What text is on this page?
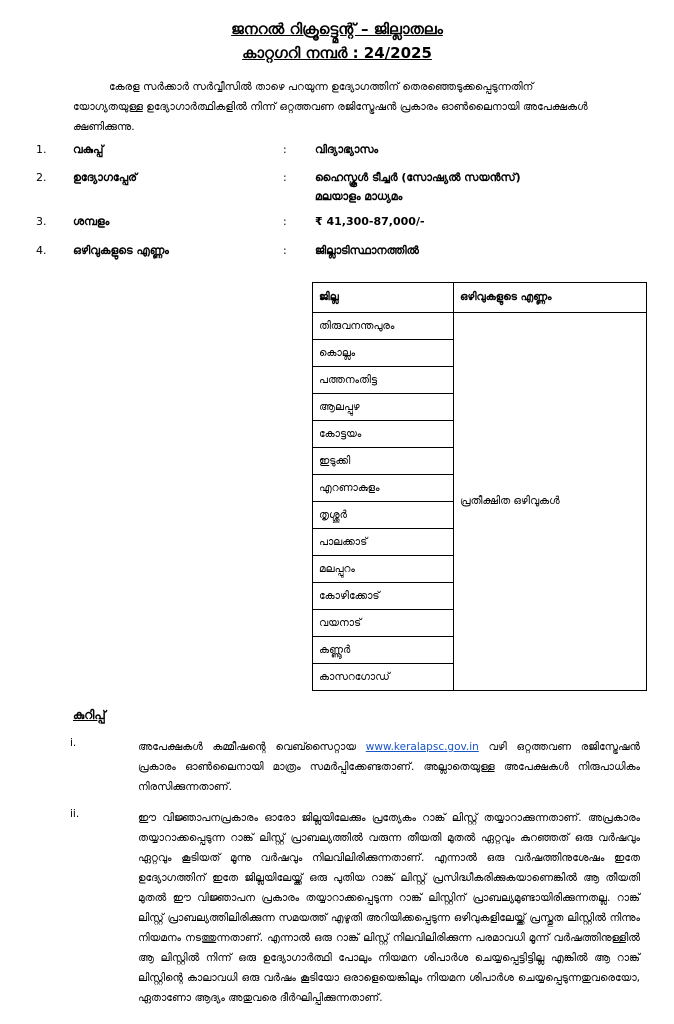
ജനറൽ റിക്രൂട്ട്മെന്റ് – ജില്ലാതലം
കാറ്റഗറി നമ്പർ : 24/2025
കേരള സർക്കാർ സർവ്വീസിൽ താഴെ പറയുന്ന ഉദ്യോഗത്തിന് തെരഞ്ഞെടുക്കപ്പെടുന്നതിന് യോഗ്യതയുള്ള ഉദ്യോഗാർത്ഥികളിൽ നിന്ന് ഒറ്റത്തവണ രജിസ്ട്രേഷൻ പ്രകാരം ഓൺലൈനായി അപേക്ഷകൾ ക്ഷണിക്കുന്നു.
1. വകുപ്പ്	:	വിദ്യാഭ്യാസം
2. ഉദ്യോഗപ്പേര്	:	ഹൈസ്കൂൾ ടീച്ചർ (സോഷ്യൽ സയൻസ്)
മലയാളം മാധ്യമം
3. ശമ്പളം	:	₹ 41,300-87,000/-
4. ഒഴിവുകളുടെ എണ്ണം	:	ജില്ലാടിസ്ഥാനത്തിൽ
ജില്ല	ഒഴിവുകളുടെ എണ്ണം
തിരുവനന്തപുരം	പ്രതീക്ഷിത ഒഴിവുകൾ
കൊല്ലം	
പത്തനംതിട്ട	
ആലപ്പുഴ	
കോട്ടയം	
ഇടുക്കി	
എറണാകുളം	
തൃശ്ശൂർ	
പാലക്കാട്	
മലപ്പുറം	
കോഴിക്കോട്	
വയനാട്	
കണ്ണൂർ	
കാസറഗോഡ്	
കുറിപ്പ്
i.	അപേക്ഷകൾ കമ്മീഷന്റെ വെബ്സൈറ്റായ www.keralapsc.gov.in വഴി ഒറ്റത്തവണ രജിസ്ട്രേഷൻ പ്രകാരം ഓൺലൈനായി മാത്രം സമർപ്പിക്കേണ്ടതാണ്. അല്ലാതെയുള്ള അപേക്ഷകൾ നിരുപാധികം നിരസിക്കുന്നതാണ്.
ii.	ഈ വിജ്ഞാപനപ്രകാരം ഓരോ ജില്ലയിലേക്കും പ്രത്യേകം റാങ്ക് ലിസ്റ്റ് തയ്യാറാക്കുന്നതാണ്. അപ്രകാരം തയ്യാറാക്കപ്പെടുന്ന റാങ്ക് ലിസ്റ്റ് പ്രാബല്യത്തിൽ വരുന്ന തീയതി മുതൽ ഏറ്റവും കുറഞ്ഞത് ഒരു വർഷവും ഏറ്റവും കൂടിയത് മൂന്നു വർഷവും നിലവിലിരിക്കുന്നതാണ്. എന്നാൽ ഒരു വർഷത്തിനുശേഷം ഇതേ ഉദ്യോഗത്തിന് ഇതേ ജില്ലയിലേയ്ക്ക് ഒരു പുതിയ റാങ്ക് ലിസ്റ്റ് പ്രസിദ്ധീകരിക്കുകയാണെങ്കിൽ ആ തീയതി മുതൽ ഈ വിജ്ഞാപന പ്രകാരം തയ്യാറാക്കപ്പെടുന്ന റാങ്ക് ലിസ്റ്റിന് പ്രാബല്യമുണ്ടായിരിക്കുന്നതല്ല. റാങ്ക് ലിസ്റ്റ് പ്രാബല്യത്തിലിരിക്കുന്ന സമയത്ത് എഴുതി അറിയിക്കപ്പെടുന്ന ഒഴിവുകളിലേയ്ക്ക് പ്രസ്തുത ലിസ്റ്റിൽ നിന്നും നിയമനം നടത്തുന്നതാണ്. എന്നാൽ ഒരു റാങ്ക് ലിസ്റ്റ് നിലവിലിരിക്കുന്ന പരമാവധി മൂന്ന് വർഷത്തിനുള്ളിൽ ആ ലിസ്റ്റിൽ നിന്ന് ഒരു ഉദ്യോഗാർത്ഥി പോലും നിയമന ശിപാർശ ചെയ്യപ്പെട്ടിട്ടില്ല എങ്കിൽ ആ റാങ്ക് ലിസ്റ്റിന്റെ കാലാവധി ഒരു വർഷം കൂടിയോ ഒരാളെയെങ്കിലും നിയമന ശിപാർശ ചെയ്യപ്പെടുന്നതുവരെയോ, ഏതാണോ ആദ്യം അതുവരെ ദീർഘിപ്പിക്കുന്നതാണ്.
